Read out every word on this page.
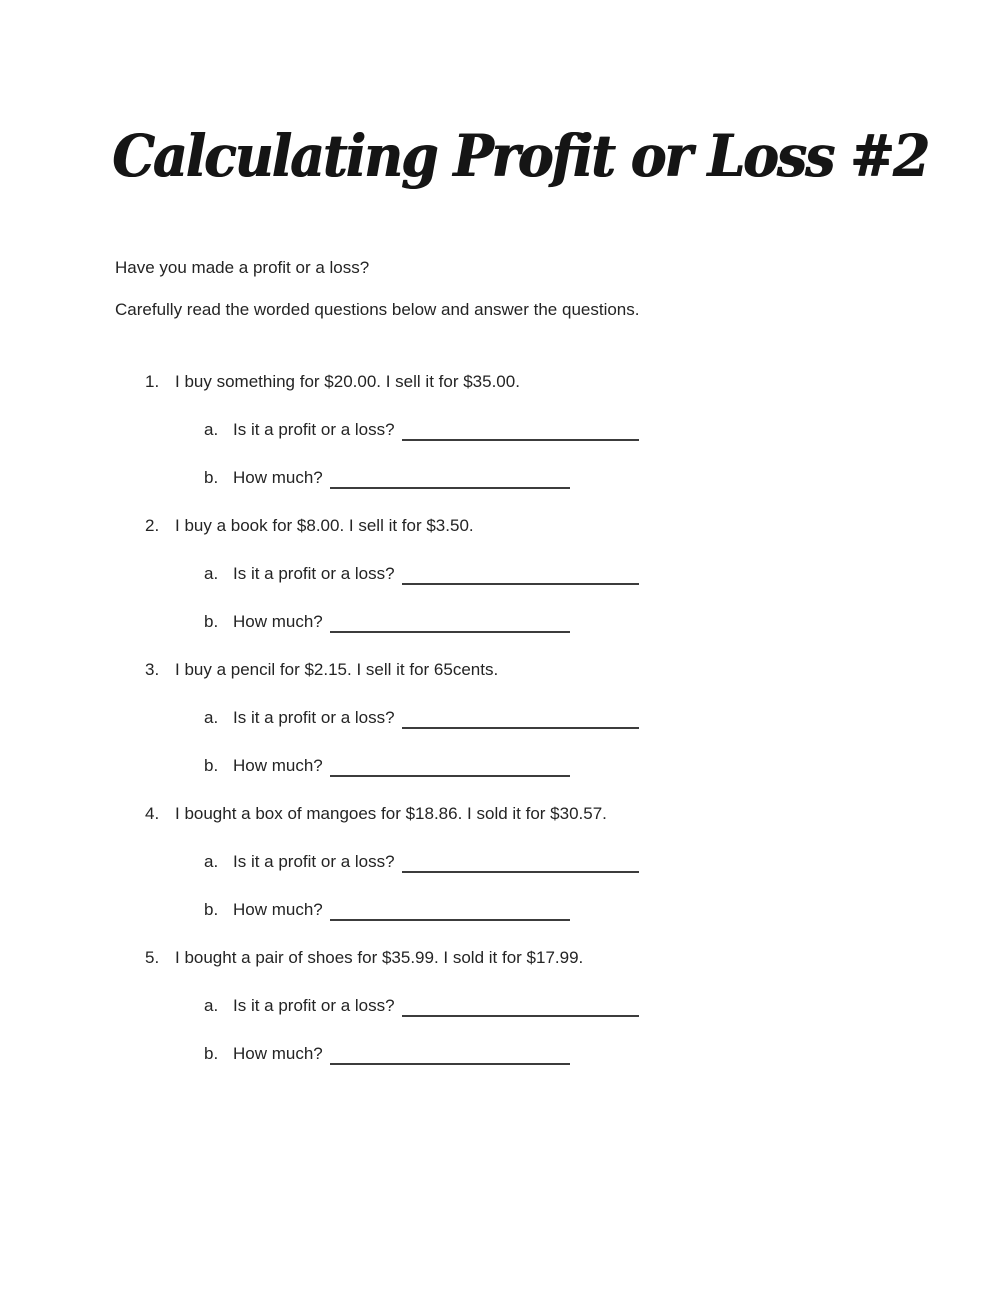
Calculating Profit or Loss #2

Have you made a profit or a loss?

Carefully read the worded questions below and answer the questions.

1. I buy something for $20.00. I sell it for $35.00.
a. Is it a profit or a loss?
b. How much?
2. I buy a book for $8.00. I sell it for $3.50.
a. Is it a profit or a loss?
b. How much?
3. I buy a pencil for $2.15. I sell it for 65cents.
a. Is it a profit or a loss?
b. How much?
4. I bought a box of mangoes for $18.86. I sold it for $30.57.
a. Is it a profit or a loss?
b. How much?
5. I bought a pair of shoes for $35.99. I sold it for $17.99.
a. Is it a profit or a loss?
b. How much?
